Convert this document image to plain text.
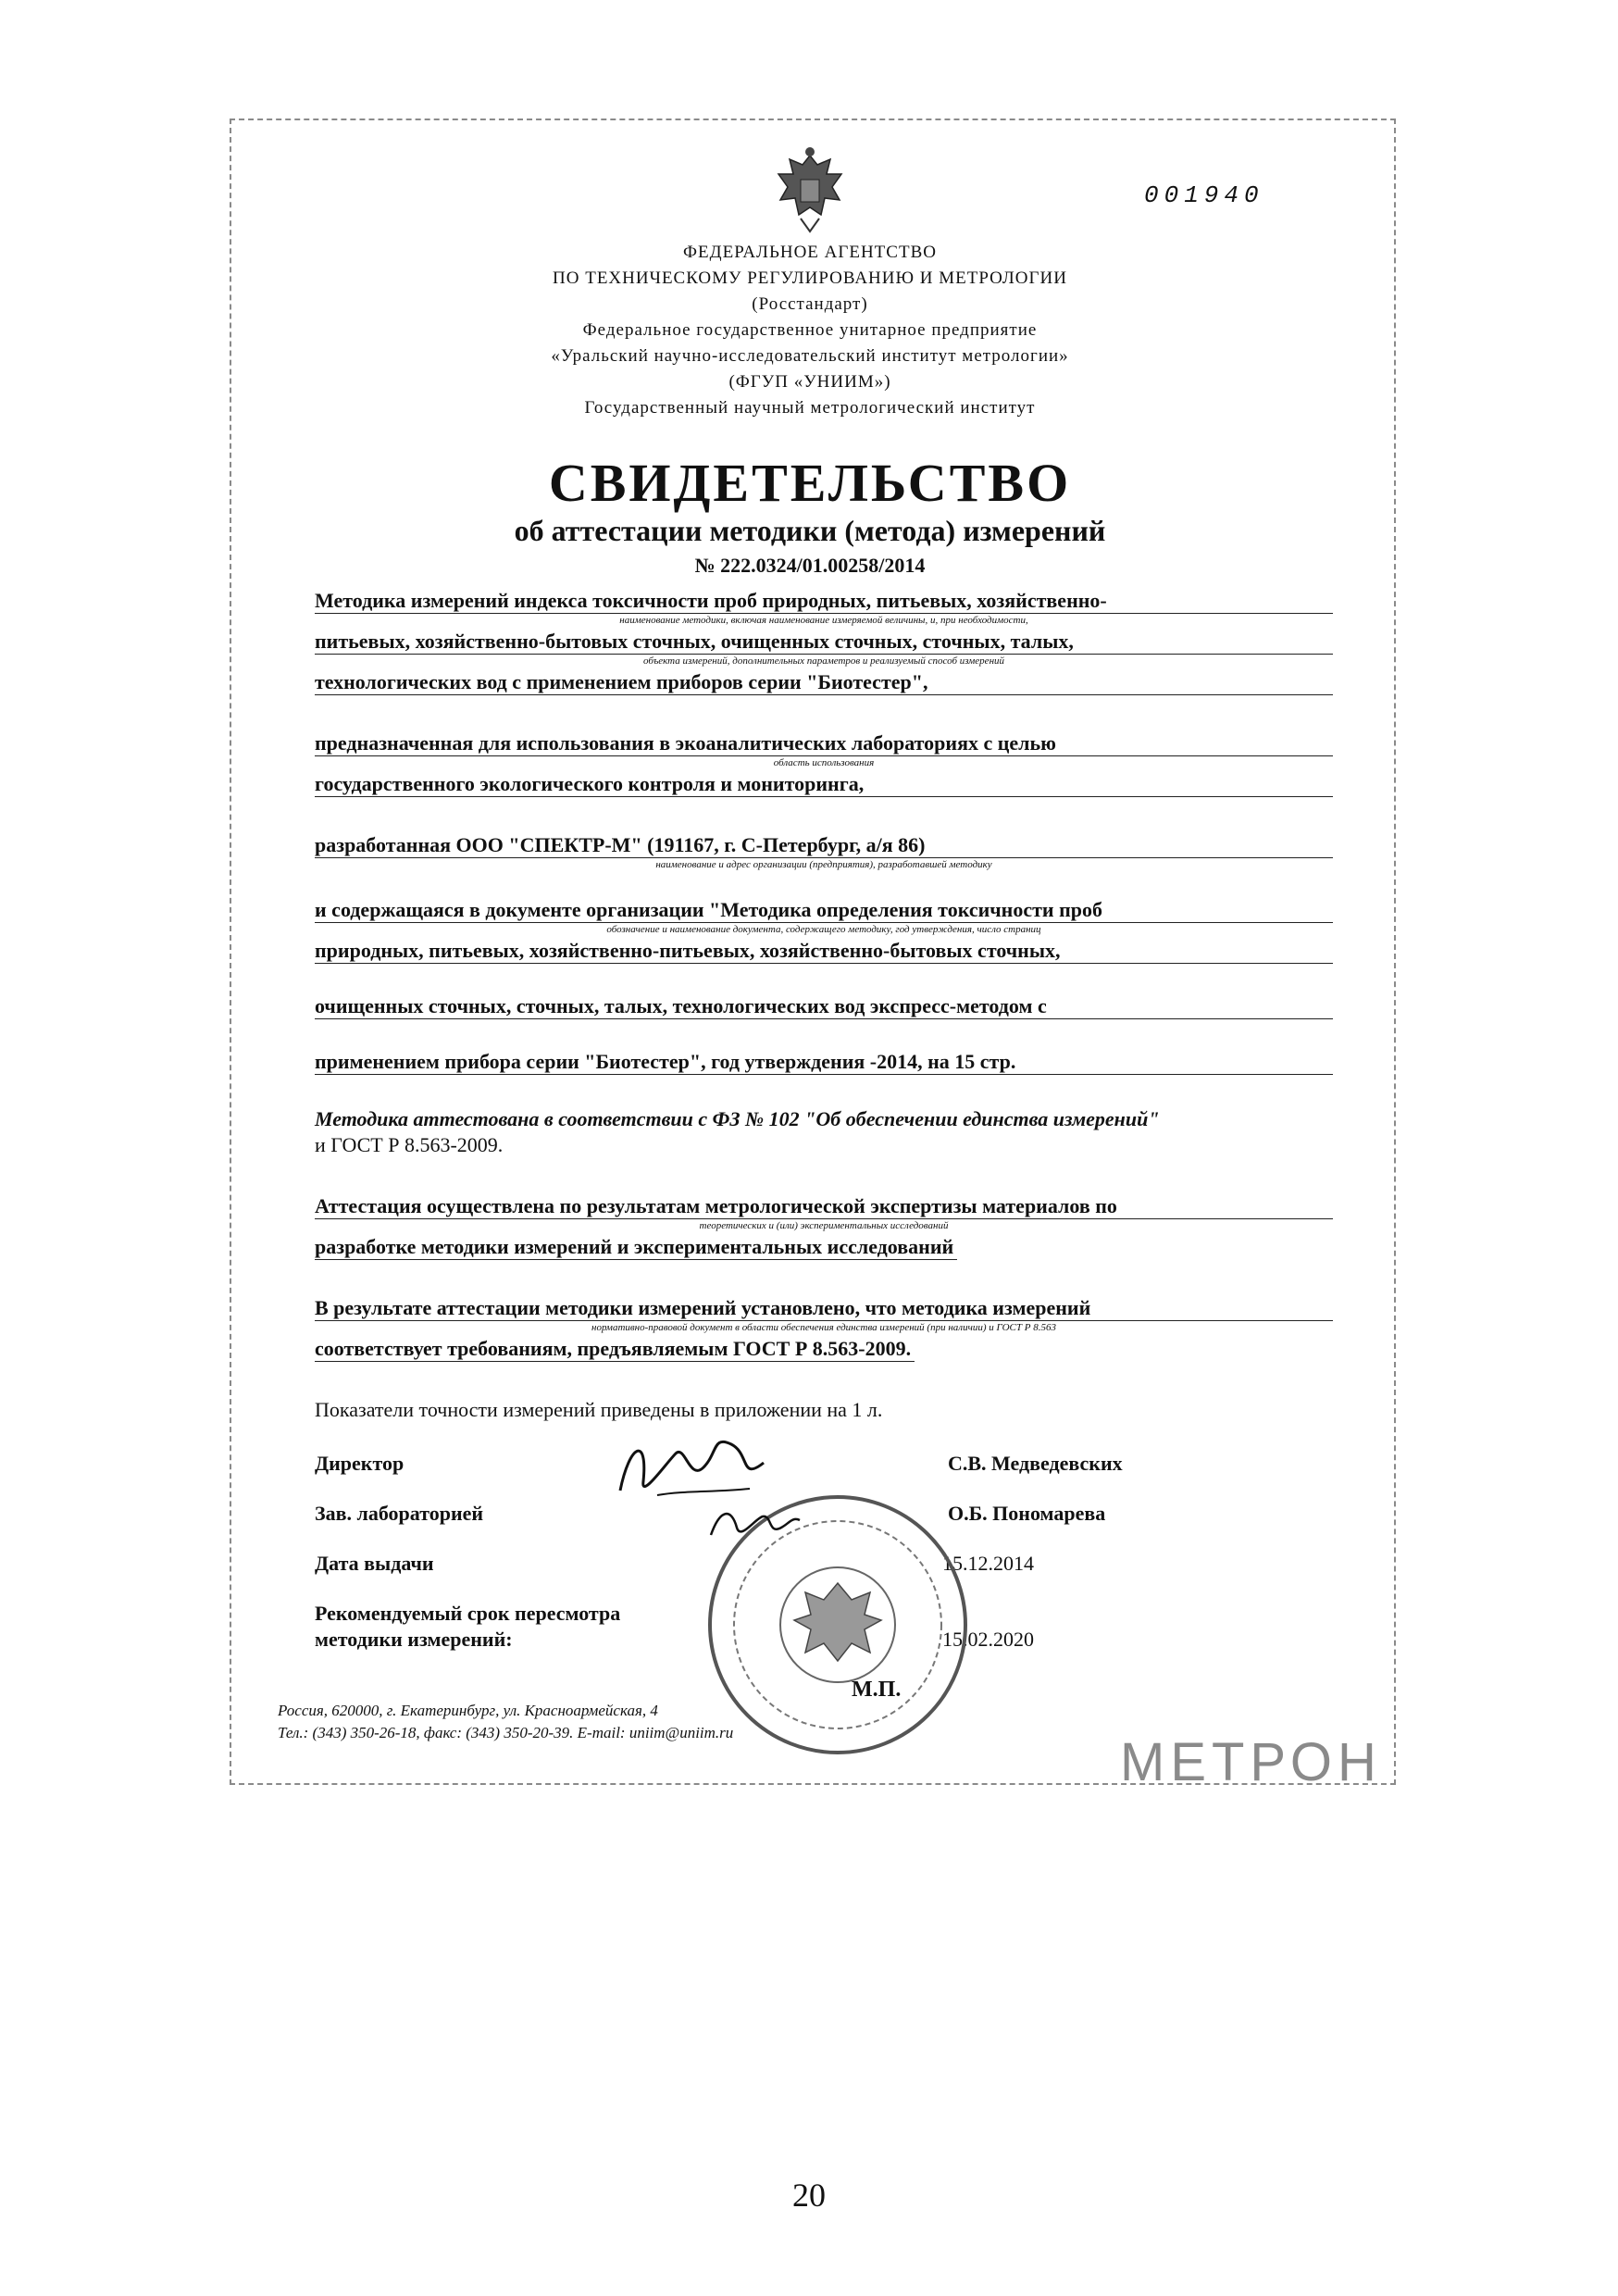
001940
ФЕДЕРАЛЬНОЕ АГЕНТСТВО
ПО ТЕХНИЧЕСКОМУ РЕГУЛИРОВАНИЮ И МЕТРОЛОГИИ
(Росстандарт)
Федеральное государственное унитарное предприятие
«Уральский научно-исследовательский институт метрологии»
(ФГУП «УНИИМ»)
Государственный научный метрологический институт
СВИДЕТЕЛЬСТВО
об аттестации методики (метода) измерений
№ 222.0324/01.00258/2014
Методика измерений индекса токсичности проб природных, питьевых, хозяйственно-
наименование методики, включая наименование измеряемой величины, и, при необходимости,
питьевых, хозяйственно-бытовых сточных, очищенных сточных, сточных, талых,
объекта измерений, дополнительных параметров и реализуемый способ измерений
технологических вод с применением приборов серии "Биотестер",
предназначенная для использования в экоаналитических лабораториях с целью
область использования
государственного экологического контроля и мониторинга,
разработанная ООО "СПЕКТР-М" (191167, г. С-Петербург, а/я 86)
наименование и адрес организации (предприятия), разработавшей методику
и содержащаяся в документе организации "Методика определения токсичности проб
обозначение и наименование документа, содержащего методику, год утверждения, число страниц
природных, питьевых, хозяйственно-питьевых, хозяйственно-бытовых сточных,
очищенных сточных, сточных, талых, технологических вод экспресс-методом с
применением прибора серии "Биотестер", год утверждения -2014, на 15 стр.
Методика аттестована в соответствии с ФЗ № 102 "Об обеспечении единства измерений"
и ГОСТ Р 8.563-2009.
Аттестация осуществлена по результатам метрологической экспертизы материалов по
теоретических и (или) экспериментальных исследований
разработке методики измерений и экспериментальных исследований
В результате аттестации методики измерений установлено, что методика измерений
нормативно-правовой документ в области обеспечения единства измерений (при наличии) и ГОСТ Р 8.563
соответствует требованиям, предъявляемым ГОСТ Р 8.563-2009.
Показатели точности измерений приведены в приложении на 1 л.
Директор	С.В. Медведевских
Зав. лабораторией	О.Б. Пономарева
Дата выдачи	15.12.2014
Рекомендуемый срок пересмотра
методики измерений:	15.02.2020
М.П.
Россия, 620000, г. Екатеринбург, ул. Красноармейская, 4
Тел.: (343) 350-26-18, факс: (343) 350-20-39. E-mail: uniim@uniim.ru	МЕТРОН
20
